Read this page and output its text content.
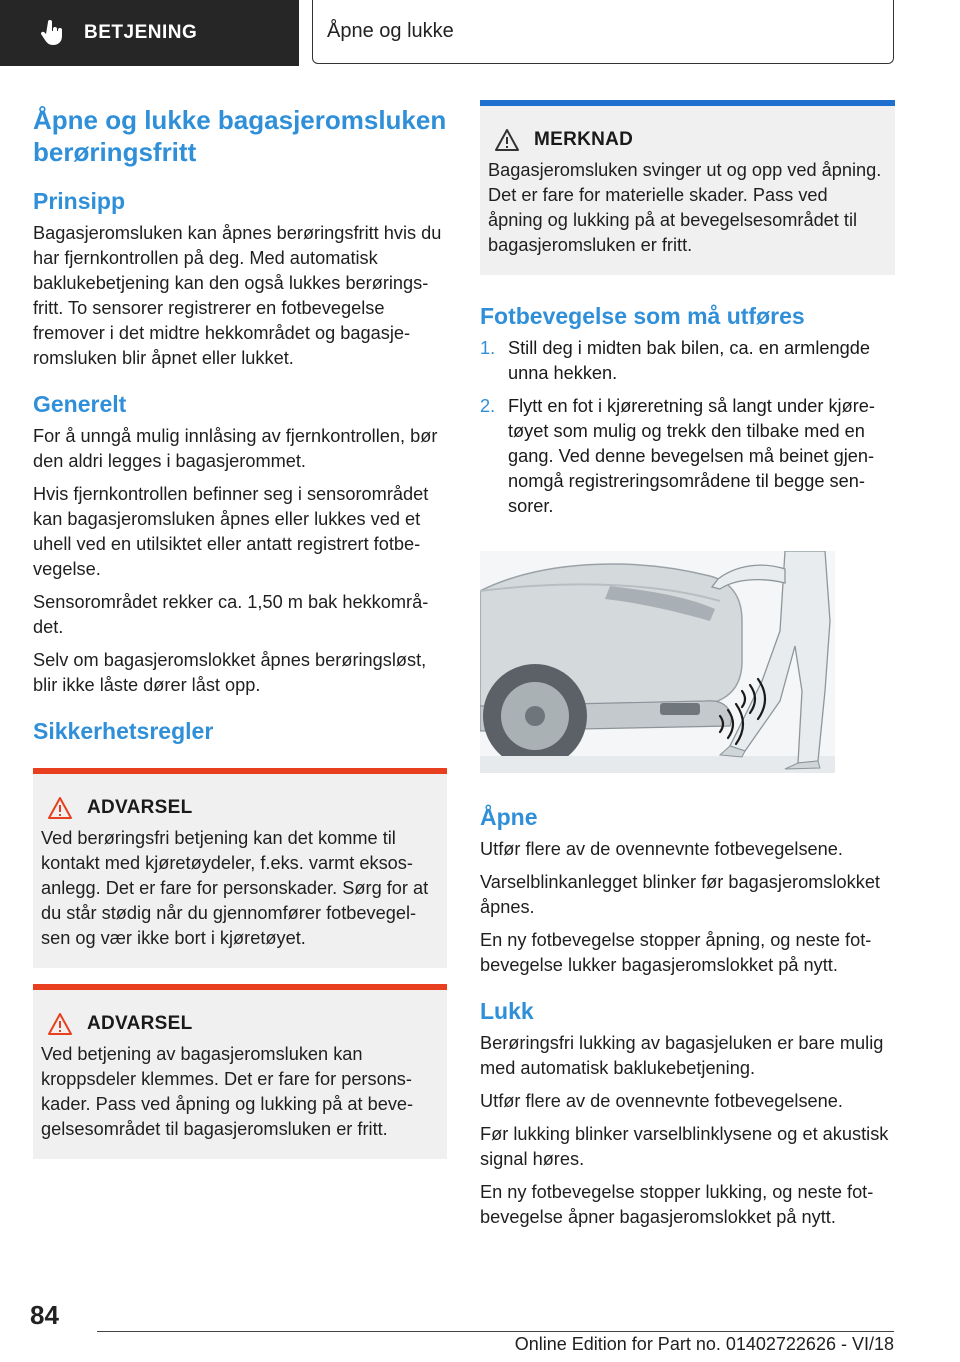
BETJENING	Åpne og lukke
Åpne og lukke bagasjeromsluken berøringsfritt
Prinsipp

Bagasjeromsluken kan åpnes berøringsfritt hvis du har fjernkontrollen på deg. Med automatisk baklukebetjening kan den også lukkes berøringsfritt. To sensorer registrerer en fotbevegelse fremover i det midtre hekkområdet og bagasjeromsluken blir åpnet eller lukket.

Generelt

For å unngå mulig innlåsing av fjernkontrollen, bør den aldri legges i bagasjerommet.

Hvis fjernkontrollen befinner seg i sensorområdet kan bagasjeromsluken åpnes eller lukkes ved et uhell ved en utilsiktet eller antatt registrert fotbevegelse.

Sensorområdet rekker ca. 1,50 m bak hekkområdet.

Selv om bagasjeromslokket åpnes berøringsløst, blir ikke låste dører låst opp.

Sikkerhetsregler
ADVARSEL

Ved berøringsfri betjening kan det komme til kontakt med kjøretøydeler, f.eks. varmt eksosanlegg. Det er fare for personskader. Sørg for at du står stødig når du gjennomfører fotbevegelsen og vær ikke bort i kjøretøyet.

ADVARSEL

Ved betjening av bagasjeromsluken kan kroppsdeler klemmes. Det er fare for personskader. Pass ved åpning og lukking på at bevegelsesområdet til bagasjeromsluken er fritt.

MERKNAD

Bagasjeromsluken svinger ut og opp ved åpning. Det er fare for materielle skader. Pass ved åpning og lukking på at bevegelsesområdet til bagasjeromsluken er fritt.

Fotbevegelse som må utføres
1. Still deg i midten bak bilen, ca. en armlengde unna hekken.
2. Flytt en fot i kjøreretning så langt under kjøretøyet som mulig og trekk den tilbake med en gang. Ved denne bevegelsen må beinet gjennomgå registreringsområdene til begge sensorer.
Åpne

Utfør flere av de ovennevnte fotbevegelsene.

Varselblinkanlegget blinker før bagasjeromslokket åpnes.

En ny fotbevegelse stopper åpning, og neste fotbevegelse lukker bagasjeromslokket på nytt.

Lukk

Berøringsfri lukking av bagasjeluken er bare mulig med automatisk baklukebetjening.

Utfør flere av de ovennevnte fotbevegelsene.

Før lukking blinker varselblinklysene og et akustisk signal høres.

En ny fotbevegelse stopper lukking, og neste fotbevegelse åpner bagasjeromslokket på nytt.

84
Online Edition for Part no. 01402722626 - VI/18
